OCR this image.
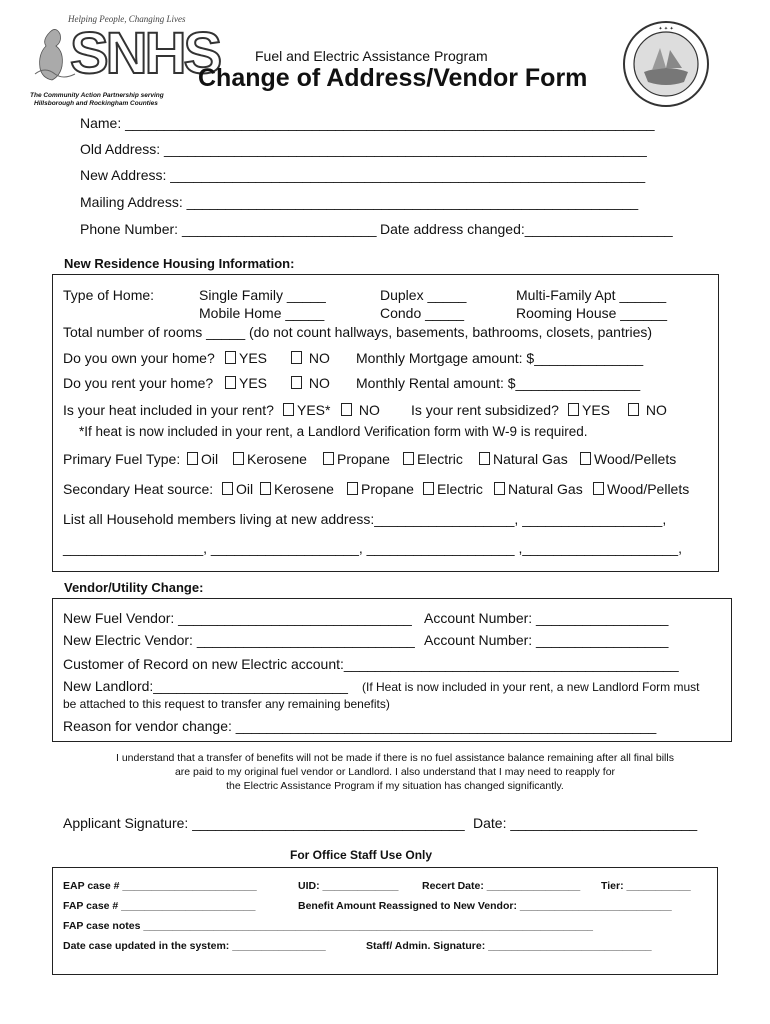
Helping People, Changing Lives
SNHS
The Community Action Partnership serving
Hillsborough and Rockingham Counties
✦ ✦ ✦
Fuel and Electric Assistance Program
Change of Address/Vendor Form
Name: ____________________________________________________________________
Old Address: ______________________________________________________________
New Address: _____________________________________________________________
Mailing Address: __________________________________________________________
Phone Number: _________________________ Date address changed:___________________
New Residence Housing Information:
Type of Home:	Single Family _____	Duplex _____	Multi-Family Apt ______
Mobile Home _____	Condo _____	Rooming House ______
Total number of rooms _____ (do not count hallways, basements, bathrooms, closets, pantries)
Do you own your home?	YES	NO Monthly Mortgage amount: $______________
Do you rent your home?	YES	NO Monthly Rental amount: $________________
Is your heat included in your rent?	YES*	NO Is your rent subsidized?	YES	NO
*If heat is now included in your rent, a Landlord Verification form with W-9 is required.
Primary Fuel Type:	Oil	Kerosene	Propane	Electric	Natural Gas	Wood/Pellets
Secondary Heat source:	Oil	Kerosene	Propane	Electric	Natural Gas	Wood/Pellets
List all Household members living at new address:__________________, __________________,
__________________, ___________________, ___________________ ,____________________,
Vendor/Utility Change:
New Fuel Vendor: ______________________________ Account Number: _________________
New Electric Vendor: ____________________________ Account Number: _________________
Customer of Record on new Electric account:___________________________________________
New Landlord:_________________________ (If Heat is now included in your rent, a new Landlord Form must
be attached to this request to transfer any remaining benefits)
Reason for vendor change: ______________________________________________________
I understand that a transfer of benefits will not be made if there is no fuel assistance balance remaining after all final bills
are paid to my original fuel vendor or Landlord. I also understand that I may need to reapply for
the Electric Assistance Program if my situation has changed significantly.
Applicant Signature: ___________________________________ Date: ________________________
For Office Staff Use Only
EAP case # _______________________	UID: _____________ Recert Date: ________________ Tier: ___________
FAP case # _______________________	Benefit Amount Reassigned to New Vendor: __________________________
FAP case notes _____________________________________________________________________________
Date case updated in the system: ________________	Staff/ Admin. Signature: ____________________________
